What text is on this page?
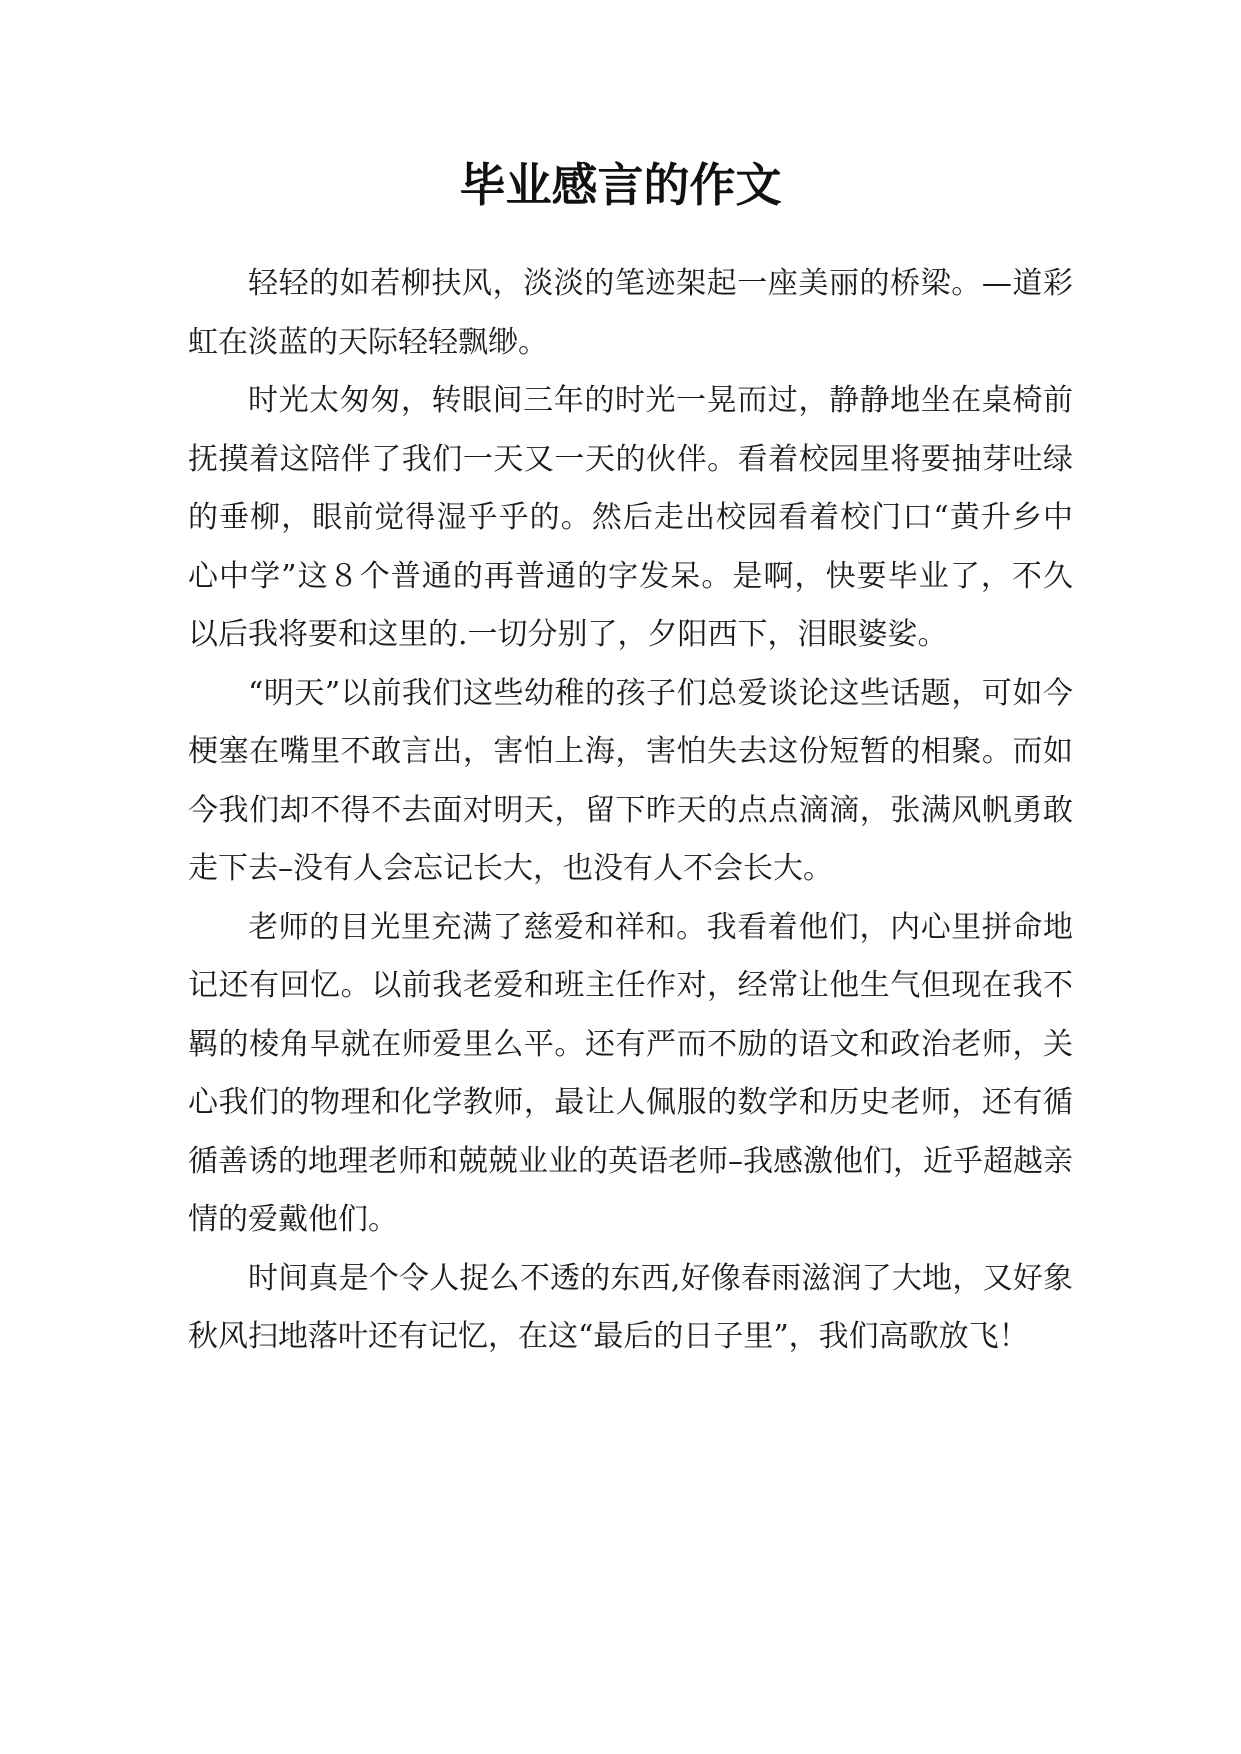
毕业感言的作文

轻轻的如若柳扶风，淡淡的笔迹架起一座美丽的桥梁。—道彩虹在淡蓝的天际轻轻飘缈。

时光太匆匆，转眼间三年的时光一晃而过，静静地坐在桌椅前抚摸着这陪伴了我们一天又一天的伙伴。看着校园里将要抽芽吐绿的垂柳，眼前觉得湿乎乎的。然后走出校园看着校门口“黄升乡中心中学”这８个普通的再普通的字发呆。是啊，快要毕业了，不久以后我将要和这里的.一切分别了，夕阳西下，泪眼婆娑。

“明天”以前我们这些幼稚的孩子们总爱谈论这些话题，可如今梗塞在嘴里不敢言出，害怕上海，害怕失去这份短暂的相聚。而如今我们却不得不去面对明天，留下昨天的点点滴滴，张满风帆勇敢走下去–没有人会忘记长大，也没有人不会长大。

老师的目光里充满了慈爱和祥和。我看着他们，内心里拼命地记还有回忆。以前我老爱和班主任作对，经常让他生气但现在我不羁的棱角早就在师爱里么平。还有严而不励的语文和政治老师，关心我们的物理和化学教师，最让人佩服的数学和历史老师，还有循循善诱的地理老师和兢兢业业的英语老师–我感激他们，近乎超越亲情的爱戴他们。

时间真是个令人捉么不透的东西,好像春雨滋润了大地，又好象秋风扫地落叶还有记忆，在这“最后的日子里”，我们高歌放飞！
